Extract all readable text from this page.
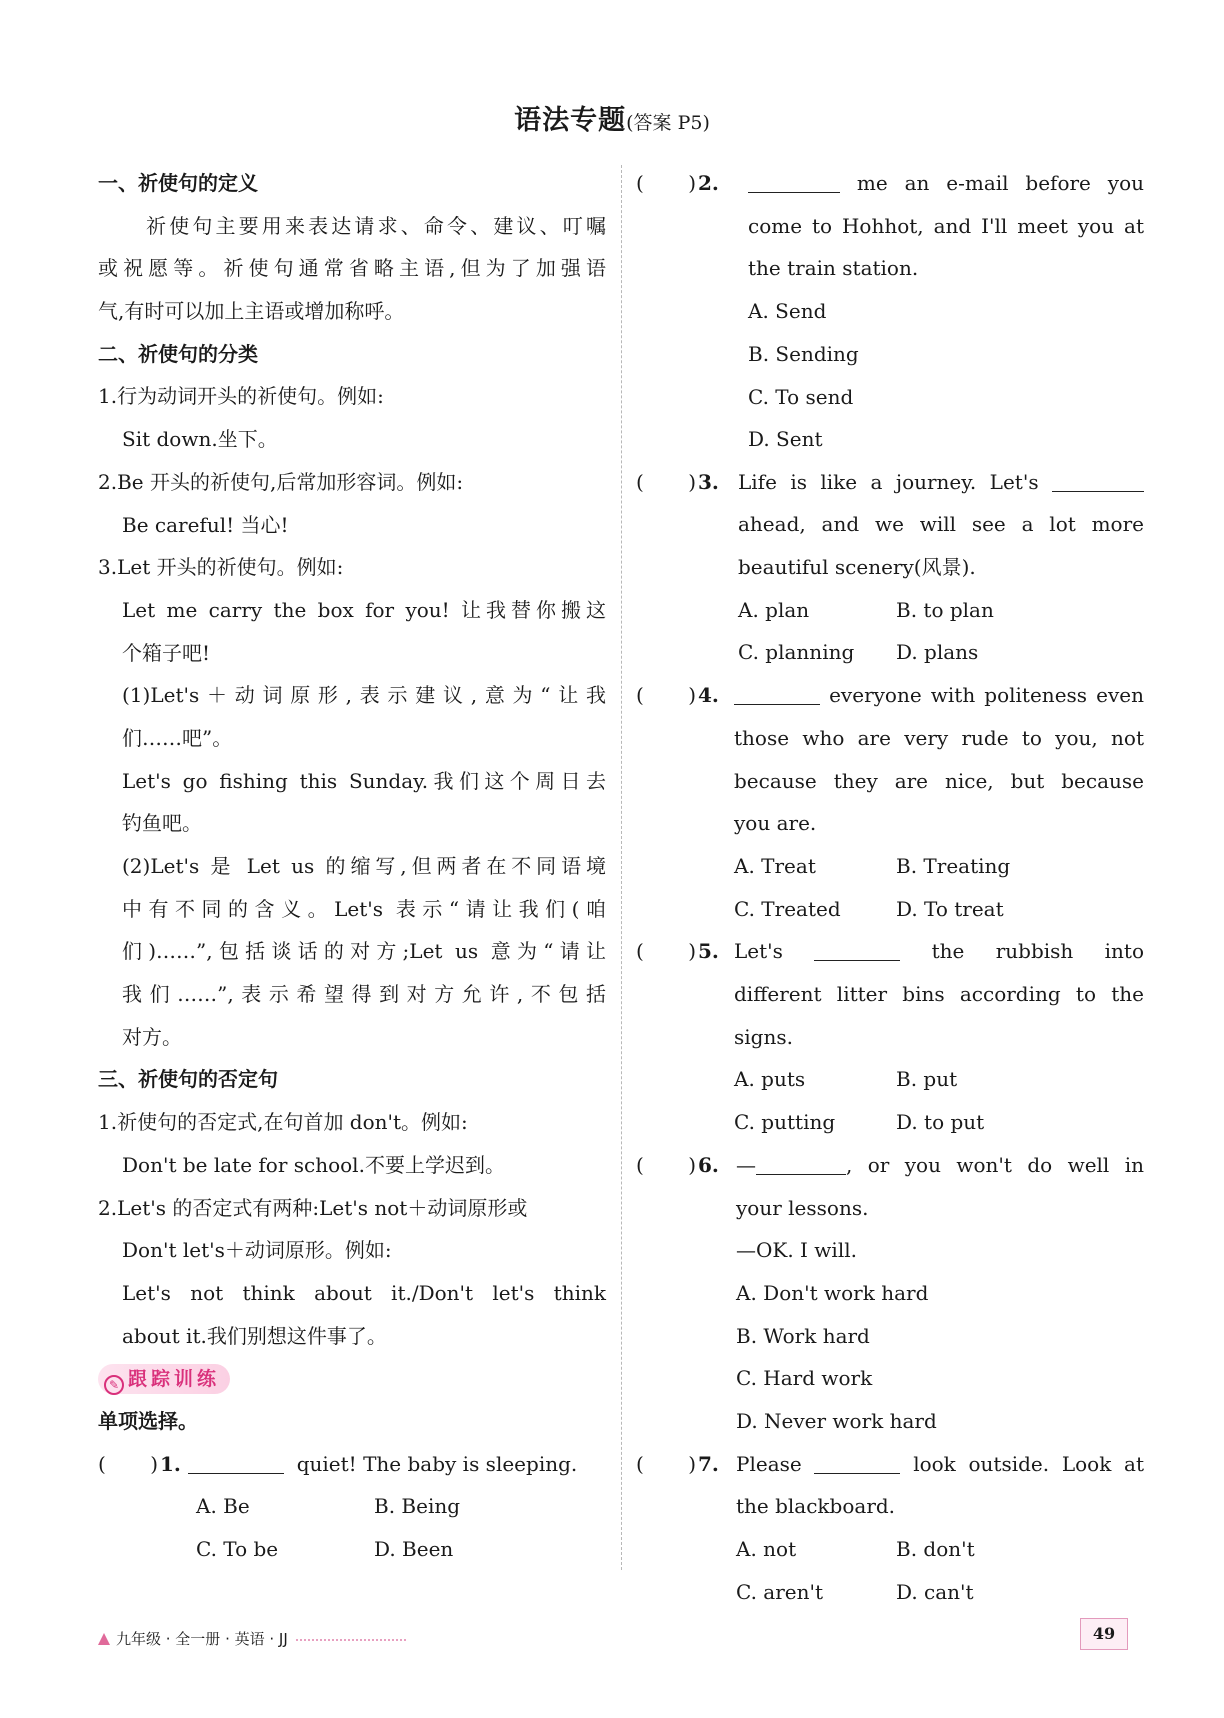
语法专题(答案 P5)
一、祈使句的定义
祈使句主要用来表达请求、命令、建议、叮嘱
或祝愿等。祈使句通常省略主语,但为了加强语
气,有时可以加上主语或增加称呼。
二、祈使句的分类
1.行为动词开头的祈使句。例如:
Sit down.坐下。
2.Be 开头的祈使句,后常加形容词。例如:
Be careful! 当心!
3.Let 开头的祈使句。例如:
Let me carry the box for you! 让我替你搬这
个箱子吧!
(1)Let's＋动词原形,表示建议,意为“让我
们……吧”。
Let's go fishing this Sunday.我们这个周日去
钓鱼吧。
(2)Let's 是 Let us 的缩写,但两者在不同语境
中有不同的含义。Let's 表示“请让我们(咱
们)……”,包括谈话的对方;Let us 意为“请让
我们……”,表示希望得到对方允许,不包括
对方。
三、祈使句的否定句
1.祈使句的否定式,在句首加 don't。例如:
Don't be late for school.不要上学迟到。
2.Let's 的否定式有两种:Let's not＋动词原形或
Don't let's＋动词原形。例如:
Let's not think about it./Don't let's think
about it.我们别想这件事了。
✎ 跟踪训练
单项选择。
(       ) 1.	quiet! The baby is sleeping.
A. Be	B. Being
C. To be	D. Been
(       ) 2.	me an e-mail before you
come to Hohhot, and I'll meet you at
the train station.
A. Send
B. Sending
C. To send
D. Sent
(       ) 3. Life is like a journey. Let's
ahead, and we will see a lot more
beautiful scenery(风景).
A. plan	B. to plan
C. planning D. plans
(       ) 4.	everyone with politeness even
those who are very rude to you, not
because they are nice, but because
you are.
A. Treat	B. Treating
C. Treated	D. To treat
(       ) 5. Let's	the rubbish into
different litter bins according to the
signs.
A. puts	B. put
C. putting	D. to put
(       ) 6. —	, or you won't do well in
your lessons.
—OK. I will.
A. Don't work hard
B. Work hard
C. Hard work
D. Never work hard
(       ) 7. Please	look outside. Look at
the blackboard.
A. not	B. don't
C. aren't	D. can't
九年级 · 全一册 · 英语 · JJ	49
